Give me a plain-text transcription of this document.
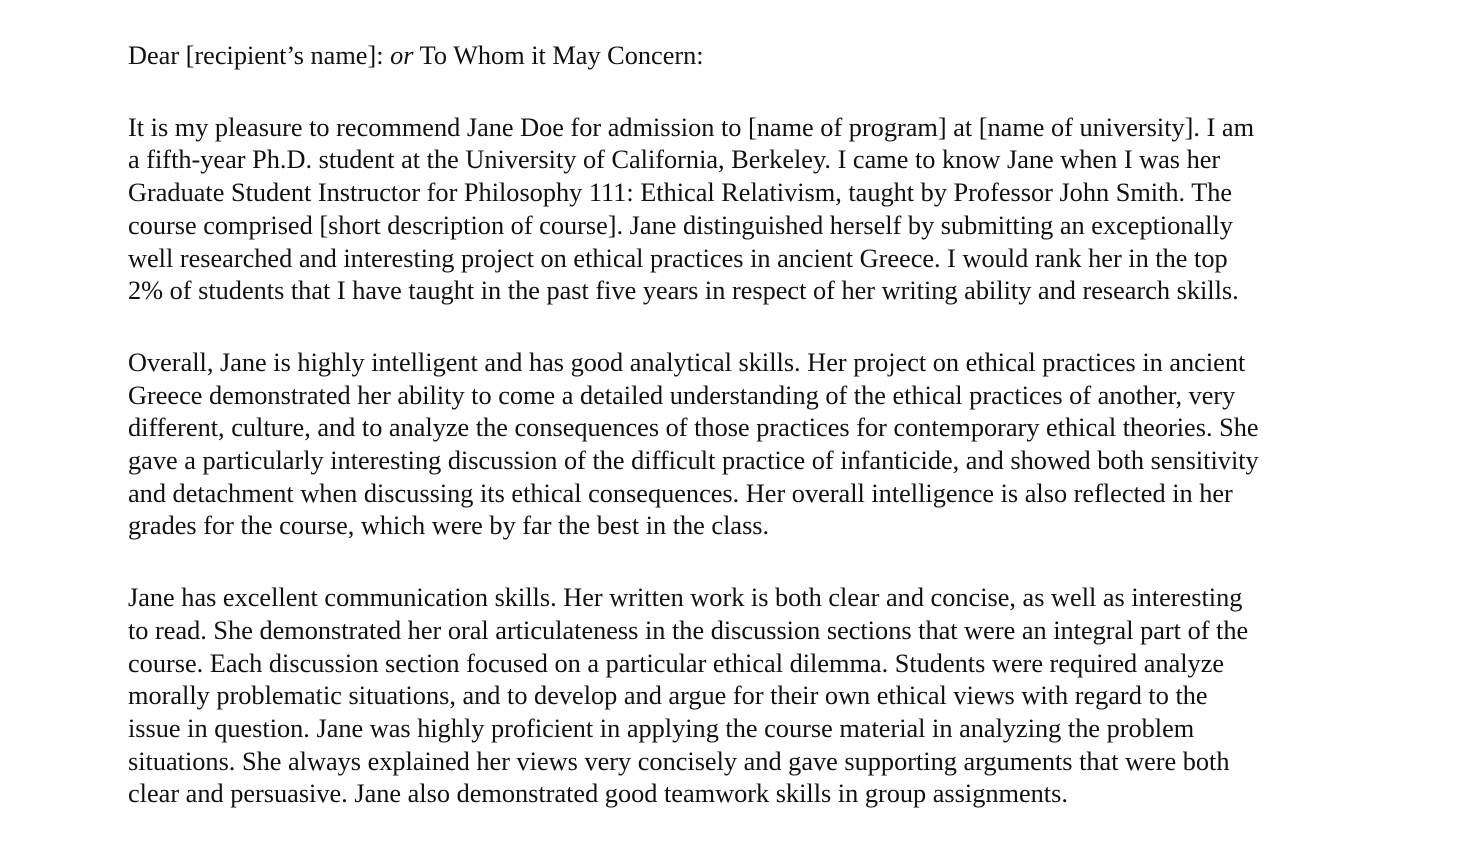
Dear [recipient’s name]: or To Whom it May Concern:

It is my pleasure to recommend Jane Doe for admission to [name of program] at [name of university]. I am
a fifth-year Ph.D. student at the University of California, Berkeley. I came to know Jane when I was her
Graduate Student Instructor for Philosophy 111: Ethical Relativism, taught by Professor John Smith. The
course comprised [short description of course]. Jane distinguished herself by submitting an exceptionally
well researched and interesting project on ethical practices in ancient Greece. I would rank her in the top
2% of students that I have taught in the past five years in respect of her writing ability and research skills.
Overall, Jane is highly intelligent and has good analytical skills. Her project on ethical practices in ancient
Greece demonstrated her ability to come a detailed understanding of the ethical practices of another, very
different, culture, and to analyze the consequences of those practices for contemporary ethical theories. She
gave a particularly interesting discussion of the difficult practice of infanticide, and showed both sensitivity
and detachment when discussing its ethical consequences. Her overall intelligence is also reflected in her
grades for the course, which were by far the best in the class.
Jane has excellent communication skills. Her written work is both clear and concise, as well as interesting
to read. She demonstrated her oral articulateness in the discussion sections that were an integral part of the
course. Each discussion section focused on a particular ethical dilemma. Students were required analyze
morally problematic situations, and to develop and argue for their own ethical views with regard to the
issue in question. Jane was highly proficient in applying the course material in analyzing the problem
situations. She always explained her views very concisely and gave supporting arguments that were both
clear and persuasive. Jane also demonstrated good teamwork skills in group assignments.
